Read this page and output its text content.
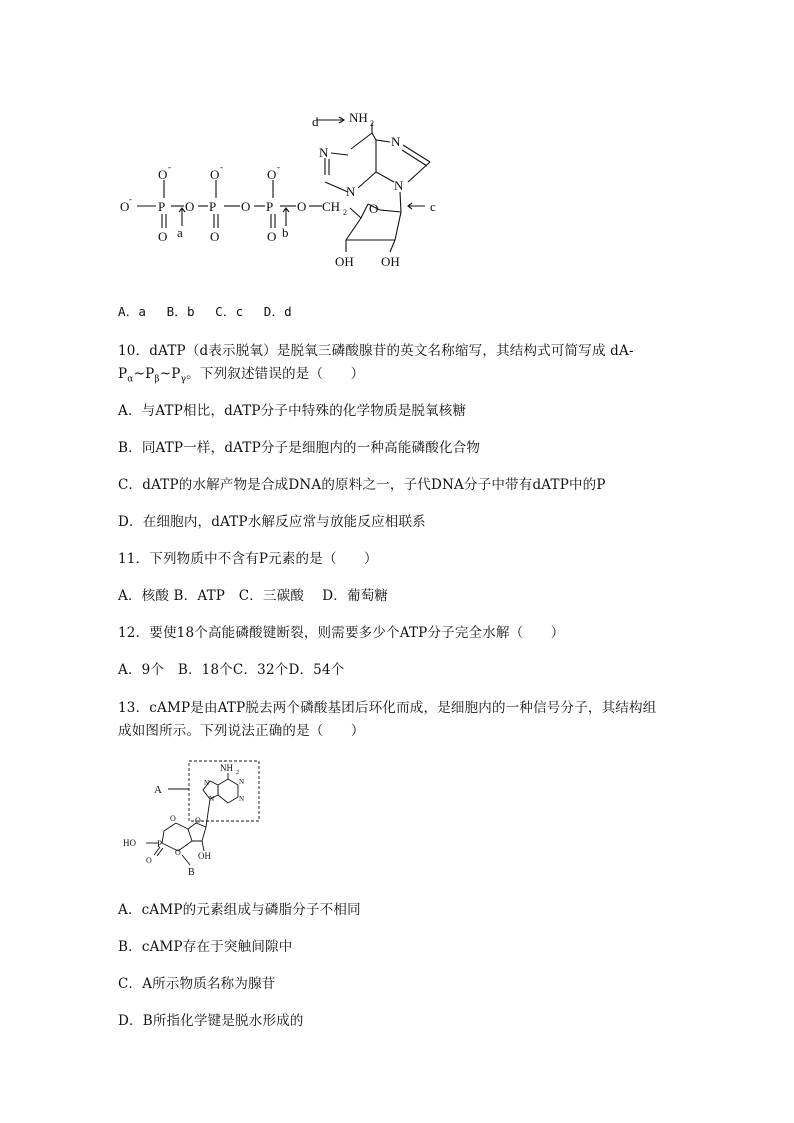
O - P
O -
O a
O P
O -
O
O P
O -
O b
O CH 2 O
OH OH
d NH 2
N
N
N
N
c
A．a　 B．b　 C．c　 D．d
10．dATP（d表示脱氧）是脱氧三磷酸腺苷的英文名称缩写，其结构式可简写成 dA-
$P_\alpha\sim P_\beta\sim P_\gamma$。下列叙述错误的是（　　）
A．与ATP相比，dATP分子中特殊的化学物质是脱氧核糖
B．同ATP一样，dATP分子是细胞内的一种高能磷酸化合物
C．dATP的水解产物是合成DNA的原料之一，子代DNA分子中带有dATP中的P
D．在细胞内，dATP水解反应常与放能反应相联系
11．下列物质中不含有P元素的是（　　）
A．核酸 B．ATP　C．三碳酸　 D．葡萄糖
12．要使18个高能磷酸键断裂，则需要多少个ATP分子完全水解（　　）
A．9个　B．18个C．32个D．54个
13．cAMP是由ATP脱去两个磷酸基团后环化而成，是细胞内的一种信号分子，其结构组
成如图所示。下列说法正确的是（　　）
A
NH 2
N	N
N
N
O
O
HO P
O
O OH
B
A．cAMP的元素组成与磷脂分子不相同
B．cAMP存在于突触间隙中
C．A所示物质名称为腺苷
D．B所指化学键是脱水形成的
